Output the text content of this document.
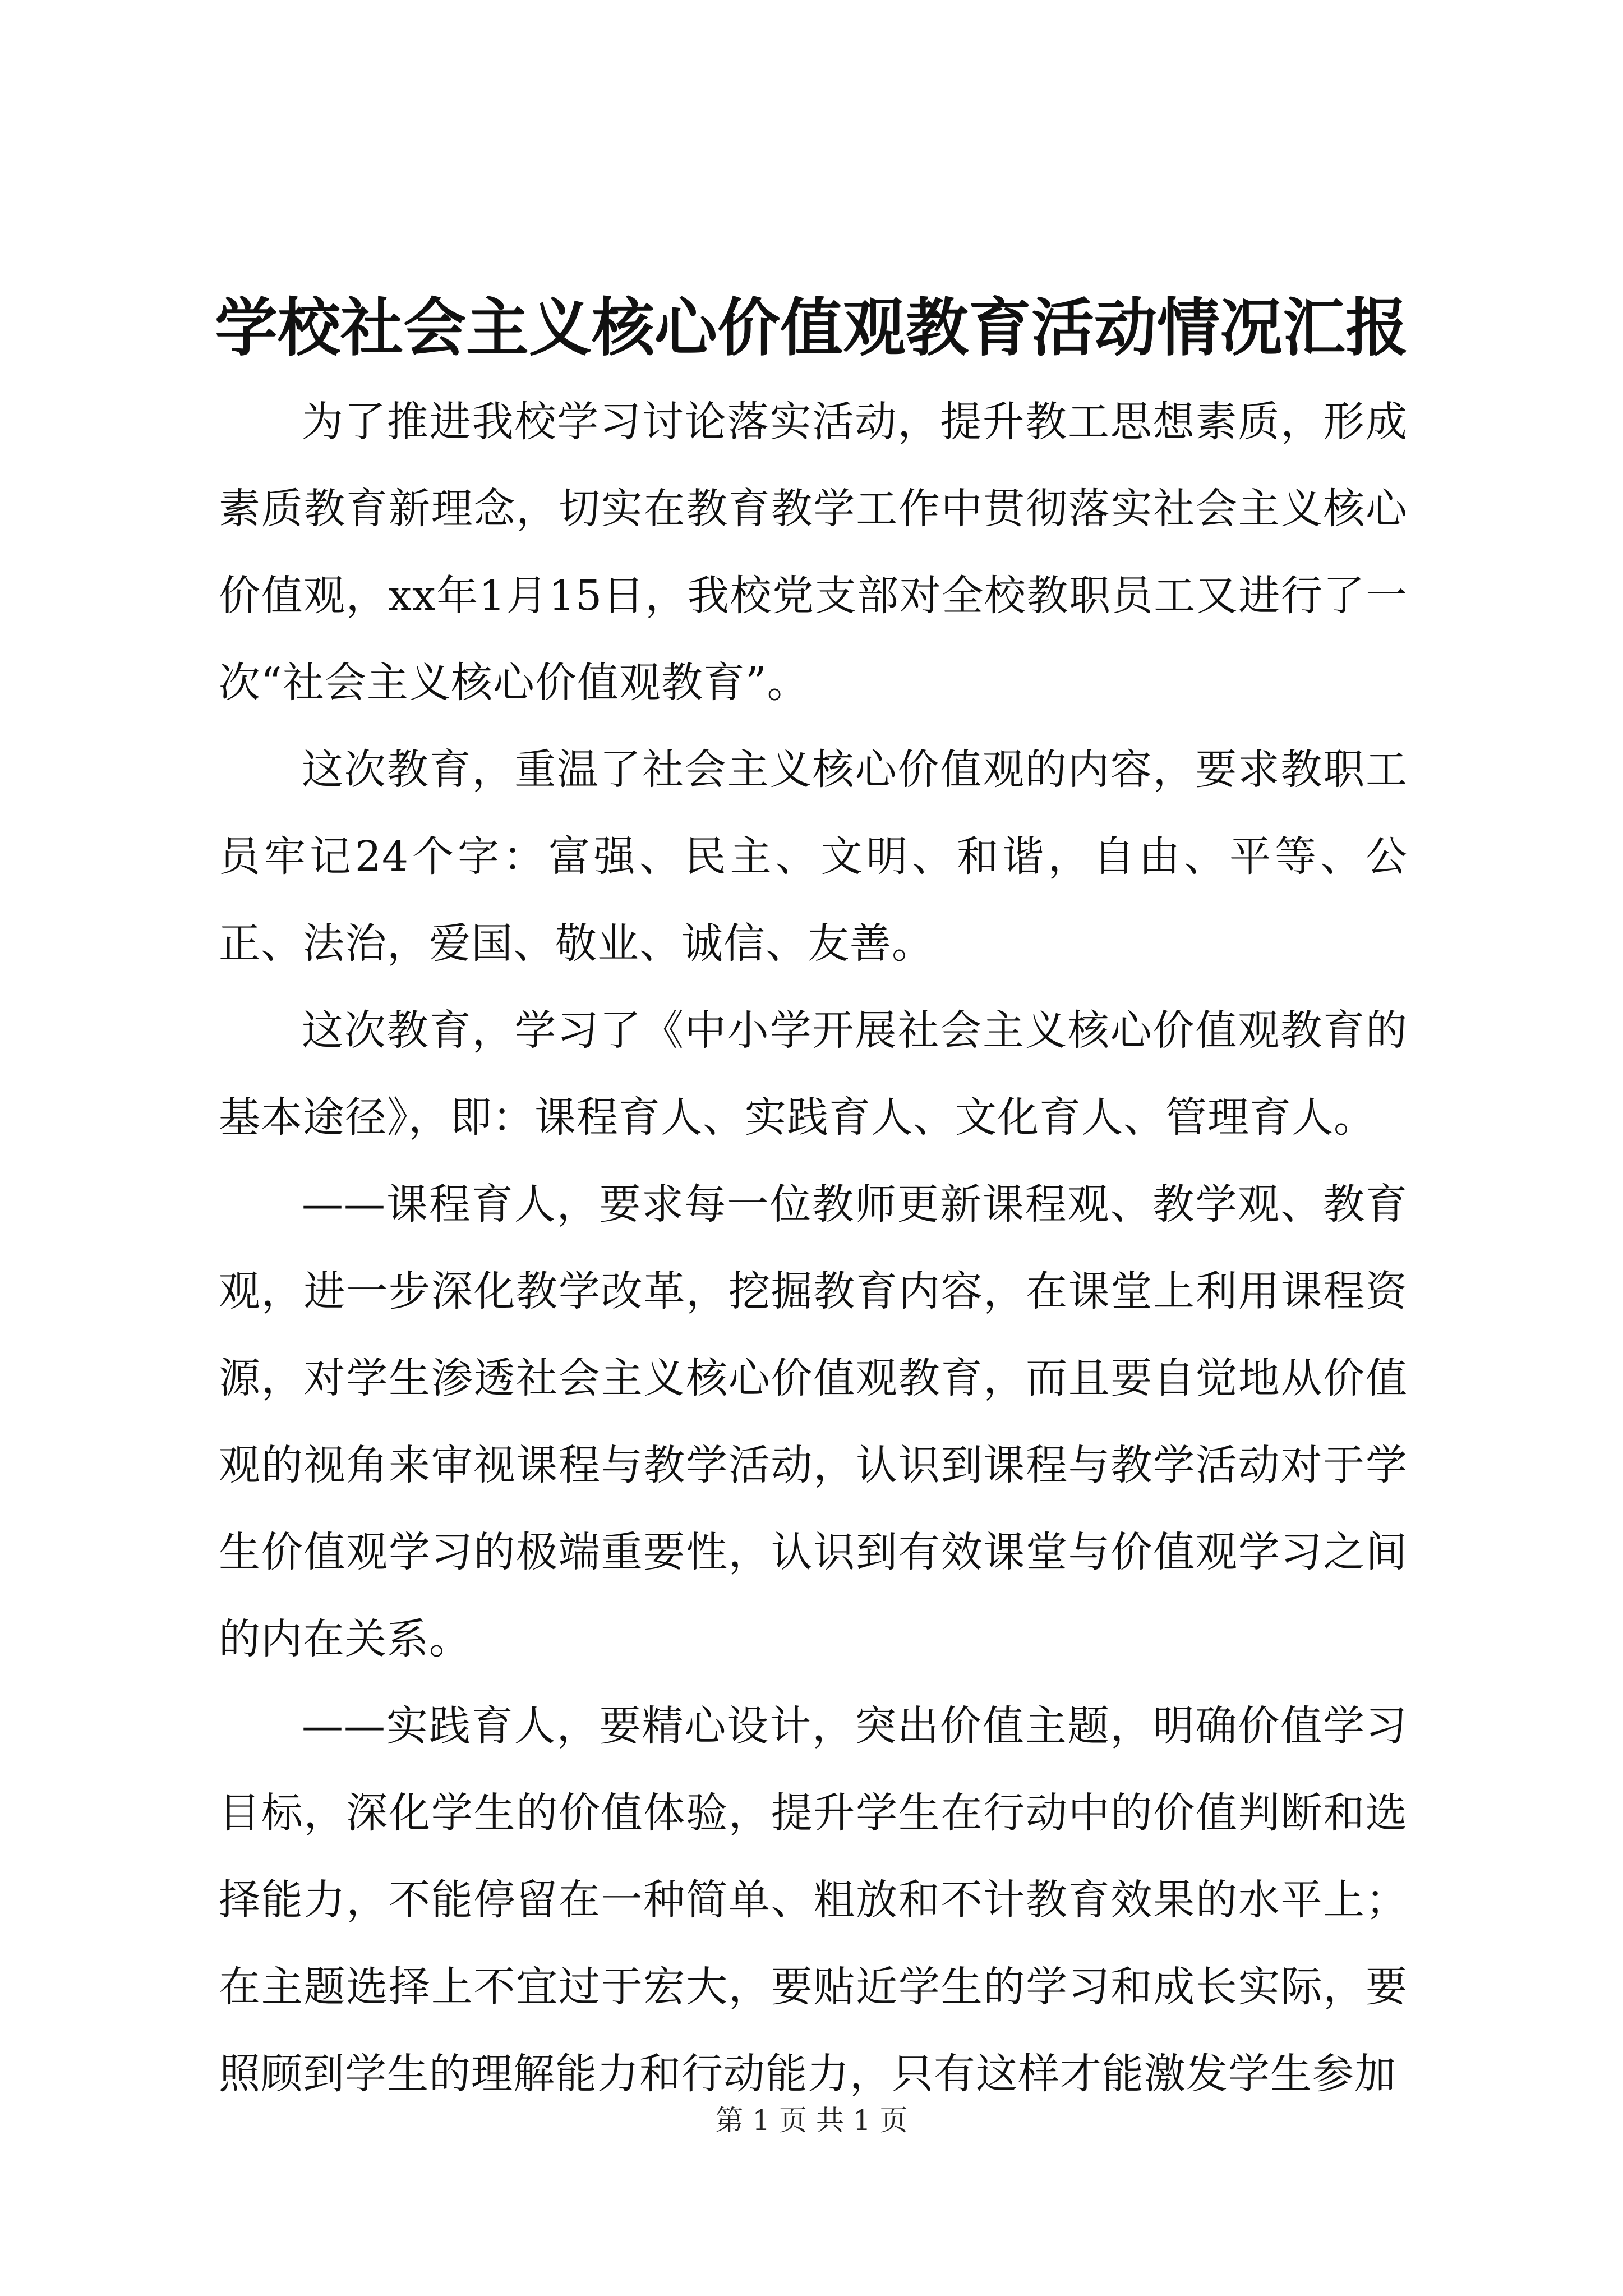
学校社会主义核心价值观教育活动情况汇报

为了推进我校学习讨论落实活动，提升教工思想素质，形成素质教育新理念，切实在教育教学工作中贯彻落实社会主义核心价值观，xx年1月15日，我校党支部对全校教职员工又进行了一次“社会主义核心价值观教育”。

这次教育，重温了社会主义核心价值观的内容，要求教职工员牢记24个字：富强、民主、文明、和谐，自由、平等、公正、法治，爱国、敬业、诚信、友善。

这次教育，学习了《中小学开展社会主义核心价值观教育的基本途径》，即：课程育人、实践育人、文化育人、管理育人。

——课程育人，要求每一位教师更新课程观、教学观、教育观，进一步深化教学改革，挖掘教育内容，在课堂上利用课程资源，对学生渗透社会主义核心价值观教育，而且要自觉地从价值观的视角来审视课程与教学活动，认识到课程与教学活动对于学生价值观学习的极端重要性，认识到有效课堂与价值观学习之间的内在关系。

——实践育人，要精心设计，突出价值主题，明确价值学习目标，深化学生的价值体验，提升学生在行动中的价值判断和选择能力，不能停留在一种简单、粗放和不计教育效果的水平上；在主题选择上不宜过于宏大，要贴近学生的学习和成长实际，要照顾到学生的理解能力和行动能力，只有这样才能激发学生参加

第 1 页 共 1 页
